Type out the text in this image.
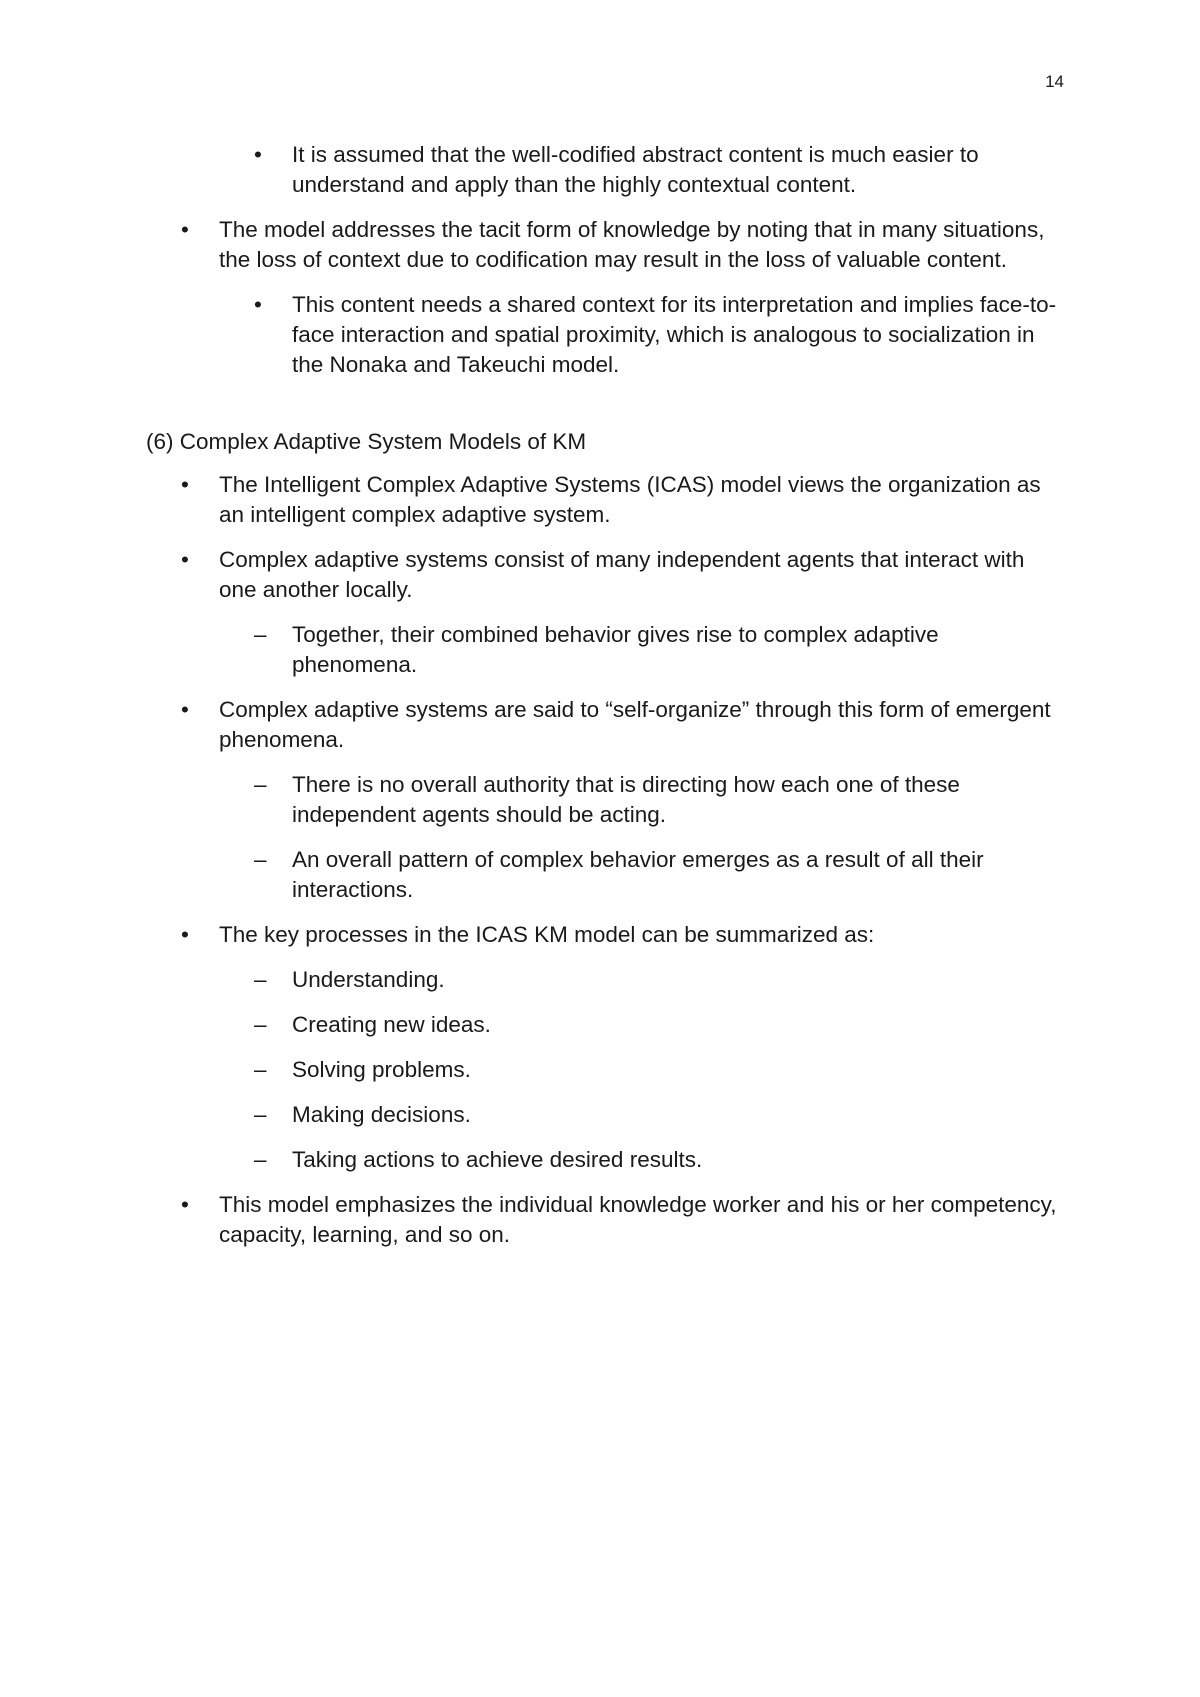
14
• It is assumed that the well-codified abstract content is much easier to understand and apply than the highly contextual content.
• The model addresses the tacit form of knowledge by noting that in many situations, the loss of context due to codification may result in the loss of valuable content.
• This content needs a shared context for its interpretation and implies face-to-face interaction and spatial proximity, which is analogous to socialization in the Nonaka and Takeuchi model.
(6) Complex Adaptive System Models of KM
• The Intelligent Complex Adaptive Systems (ICAS) model views the organization as an intelligent complex adaptive system.
• Complex adaptive systems consist of many independent agents that interact with one another locally.
– Together, their combined behavior gives rise to complex adaptive phenomena.
• Complex adaptive systems are said to “self-organize” through this form of emergent phenomena.
– There is no overall authority that is directing how each one of these independent agents should be acting.
– An overall pattern of complex behavior emerges as a result of all their interactions.
• The key processes in the ICAS KM model can be summarized as:
– Understanding.
– Creating new ideas.
– Solving problems.
– Making decisions.
– Taking actions to achieve desired results.
• This model emphasizes the individual knowledge worker and his or her competency, capacity, learning, and so on.
